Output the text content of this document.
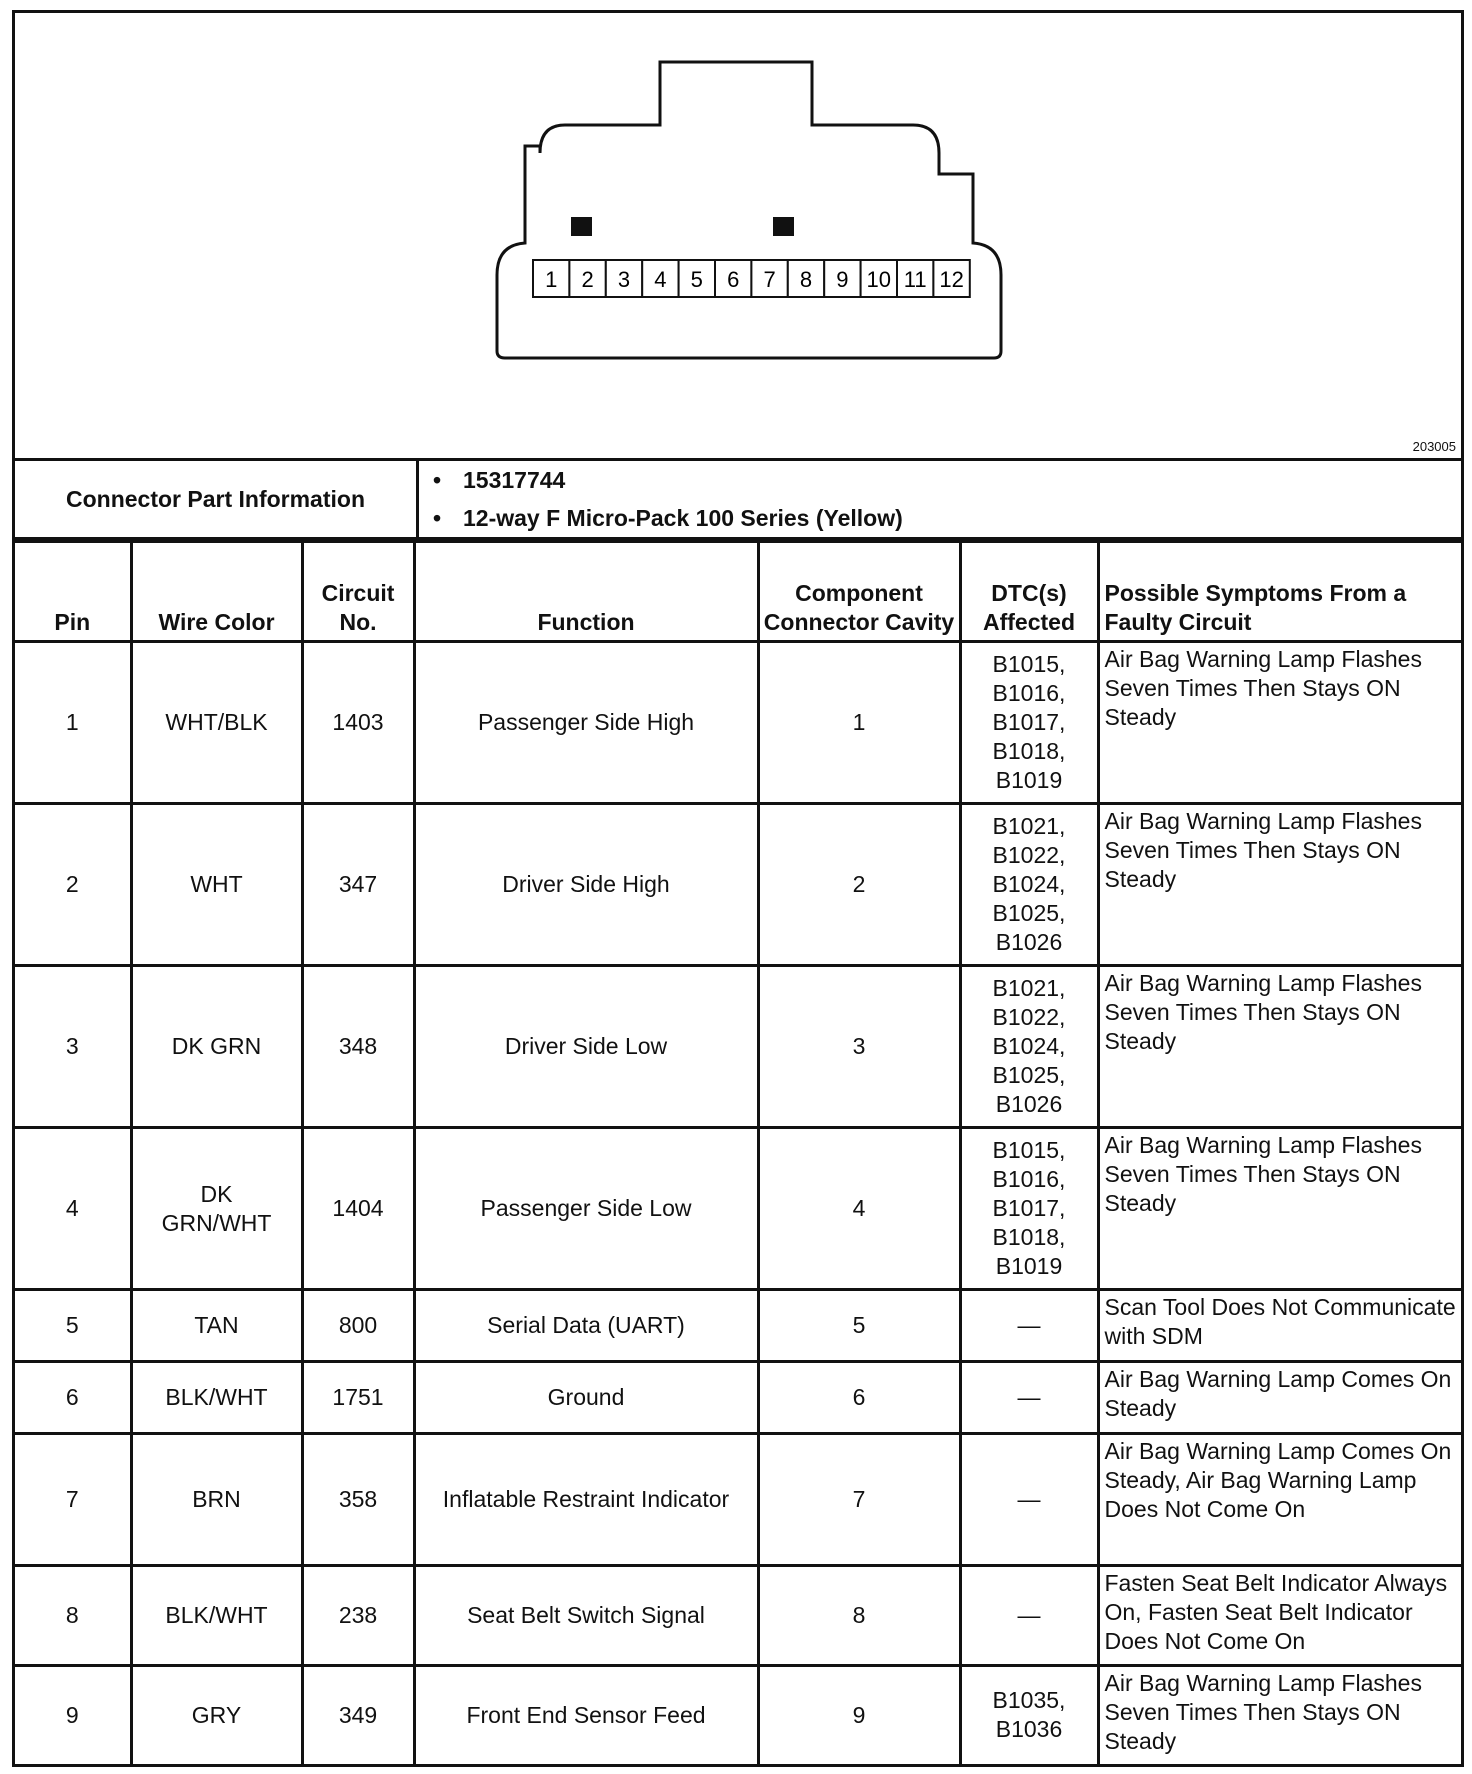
1 2 3 4 5 6 7 8 9 10 11 12
203005
Connector Part Information
• 15317744
• 12-way F Micro-Pack 100 Series (Yellow)
Pin	Wire Color	Circuit No.	Function	Component Connector Cavity	DTC(s) Affected	Possible Symptoms From a Faulty Circuit
1	WHT/BLK	1403	Passenger Side High	1	B1015,
B1016,
B1017,
B1018,
B1019	Air Bag Warning Lamp Flashes Seven Times Then Stays ON Steady
2	WHT	347	Driver Side High	2	B1021,
B1022,
B1024,
B1025,
B1026	Air Bag Warning Lamp Flashes Seven Times Then Stays ON Steady
3	DK GRN	348	Driver Side Low	3	B1021,
B1022,
B1024,
B1025,
B1026	Air Bag Warning Lamp Flashes Seven Times Then Stays ON Steady
4	DK GRN/WHT	1404	Passenger Side Low	4	B1015,
B1016,
B1017,
B1018,
B1019	Air Bag Warning Lamp Flashes Seven Times Then Stays ON Steady
5	TAN	800	Serial Data (UART)	5	—	Scan Tool Does Not Communicate with SDM
6	BLK/WHT	1751	Ground	6	—	Air Bag Warning Lamp Comes On Steady
7	BRN	358	Inflatable Restraint Indicator	7	—	Air Bag Warning Lamp Comes On Steady, Air Bag Warning Lamp Does Not Come On
8	BLK/WHT	238	Seat Belt Switch Signal	8	—	Fasten Seat Belt Indicator Always On, Fasten Seat Belt Indicator Does Not Come On
9	GRY	349	Front End Sensor Feed	9	B1035,
B1036	Air Bag Warning Lamp Flashes Seven Times Then Stays ON Steady
